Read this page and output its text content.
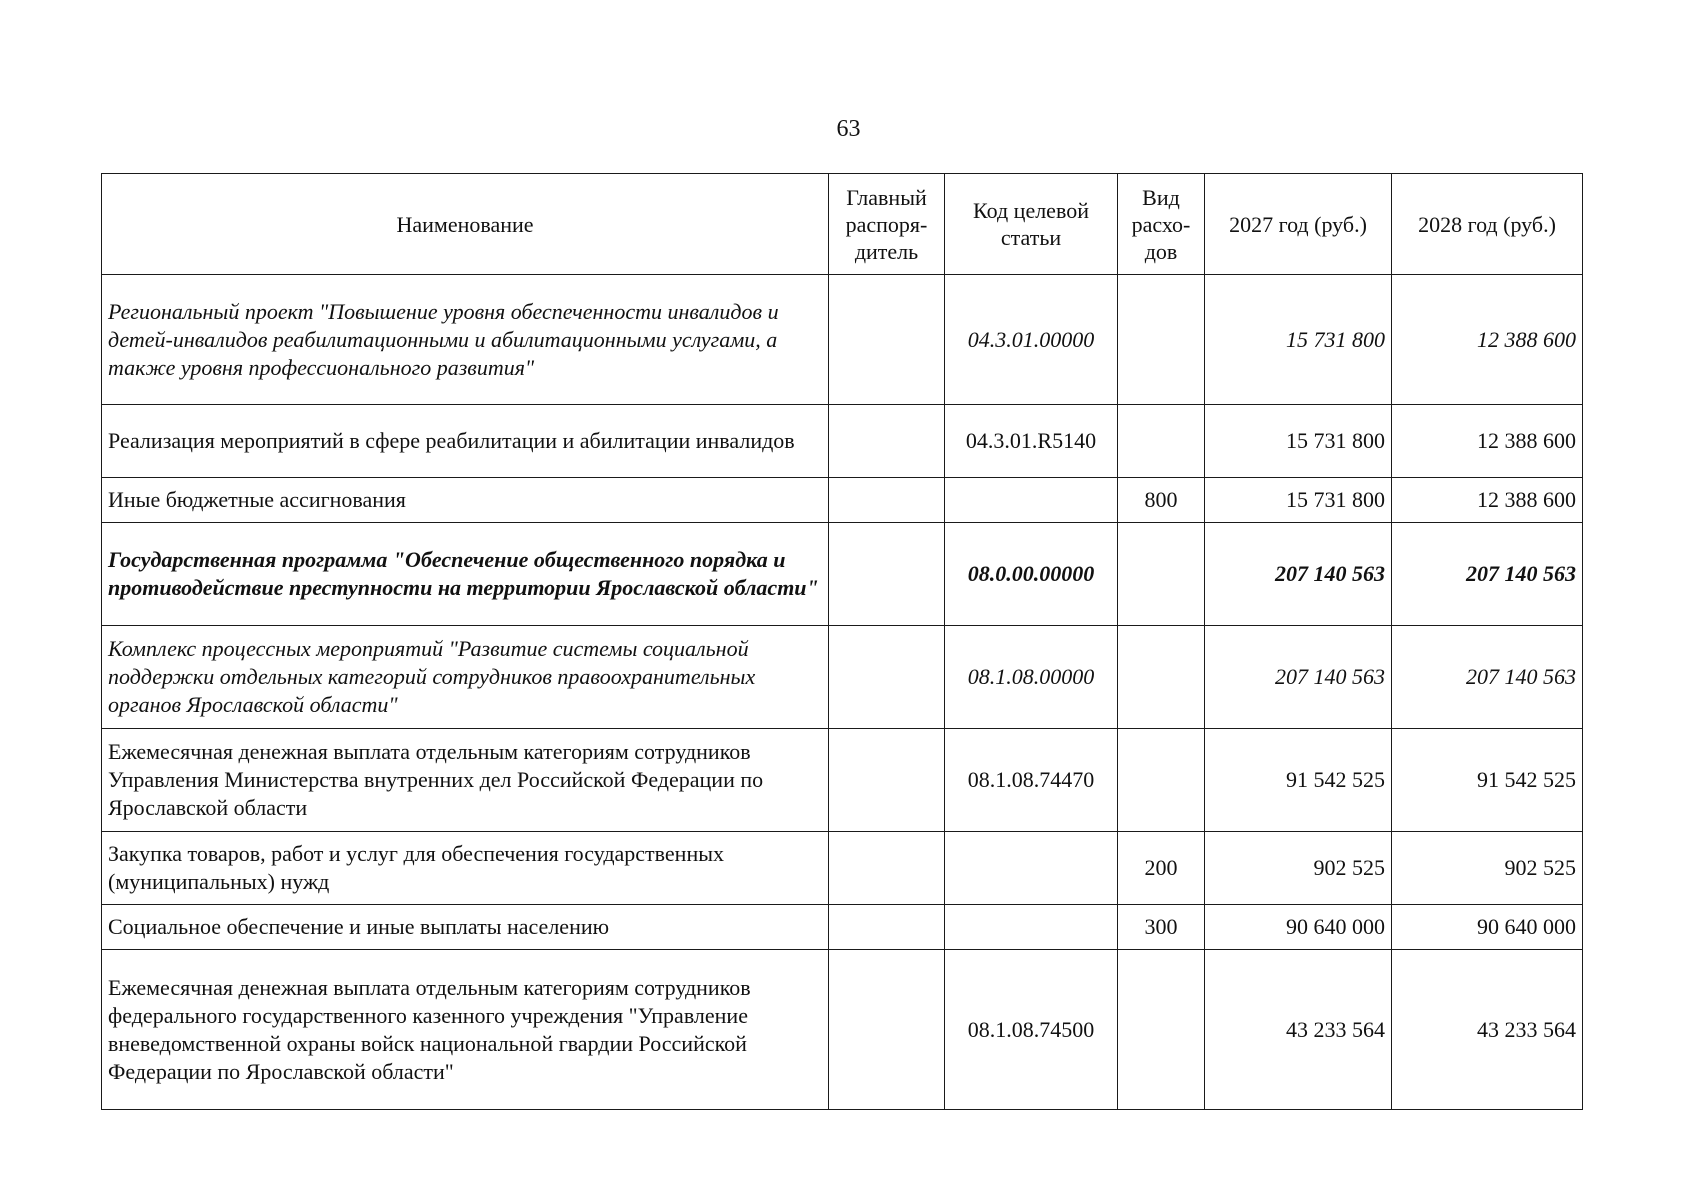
63
Наименование	Главный распоря-дитель	Код целевой статьи	Вид расхо-дов	2027 год (руб.)	2028 год (руб.)
Региональный проект "Повышение уровня обеспеченности инвалидов и детей-инвалидов реабилитационными и абилитационными услугами, а также уровня профессионального развития"		04.3.01.00000		15 731 800	12 388 600
Реализация мероприятий в сфере реабилитации и абилитации инвалидов		04.3.01.R5140		15 731 800	12 388 600
Иные бюджетные ассигнования			800	15 731 800	12 388 600
Государственная программа "Обеспечение общественного порядка и противодействие преступности на территории Ярославской области"		08.0.00.00000		207 140 563	207 140 563
Комплекс процессных мероприятий "Развитие системы социальной поддержки отдельных категорий сотрудников правоохранительных органов Ярославской области"		08.1.08.00000		207 140 563	207 140 563
Ежемесячная денежная выплата отдельным категориям сотрудников Управления Министерства внутренних дел Российской Федерации по Ярославской области		08.1.08.74470		91 542 525	91 542 525
Закупка товаров, работ и услуг для обеспечения государственных (муниципальных) нужд			200	902 525	902 525
Социальное обеспечение и иные выплаты населению			300	90 640 000	90 640 000
Ежемесячная денежная выплата отдельным категориям сотрудников федерального государственного казенного учреждения "Управление вневедомственной охраны войск национальной гвардии Российской Федерации по Ярославской области"		08.1.08.74500		43 233 564	43 233 564
